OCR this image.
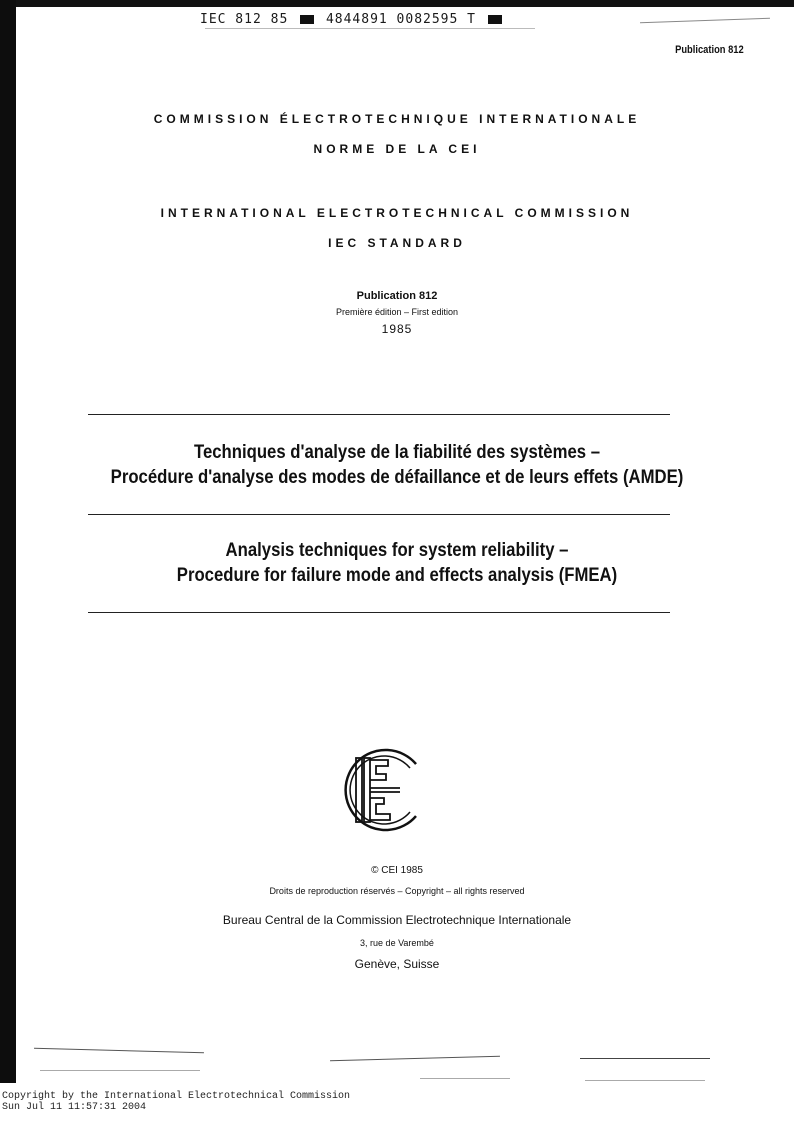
IEC 812 85	4844891 0082595 T
Publication 812
COMMISSION ÉLECTROTECHNIQUE INTERNATIONALE
NORME DE LA CEI
INTERNATIONAL ELECTROTECHNICAL COMMISSION
IEC STANDARD
Publication 812
Première édition – First edition
1985
Techniques d'analyse de la fiabilité des systèmes –
Procédure d'analyse des modes de défaillance et de leurs effets (AMDE)
Analysis techniques for system reliability –
Procedure for failure mode and effects analysis (FMEA)
© CEI 1985
Droits de reproduction réservés – Copyright – all rights reserved
Bureau Central de la Commission Electrotechnique Internationale
3, rue de Varembé
Genève, Suisse
Copyright by the International Electrotechnical Commission
Sun Jul 11 11:57:31 2004
